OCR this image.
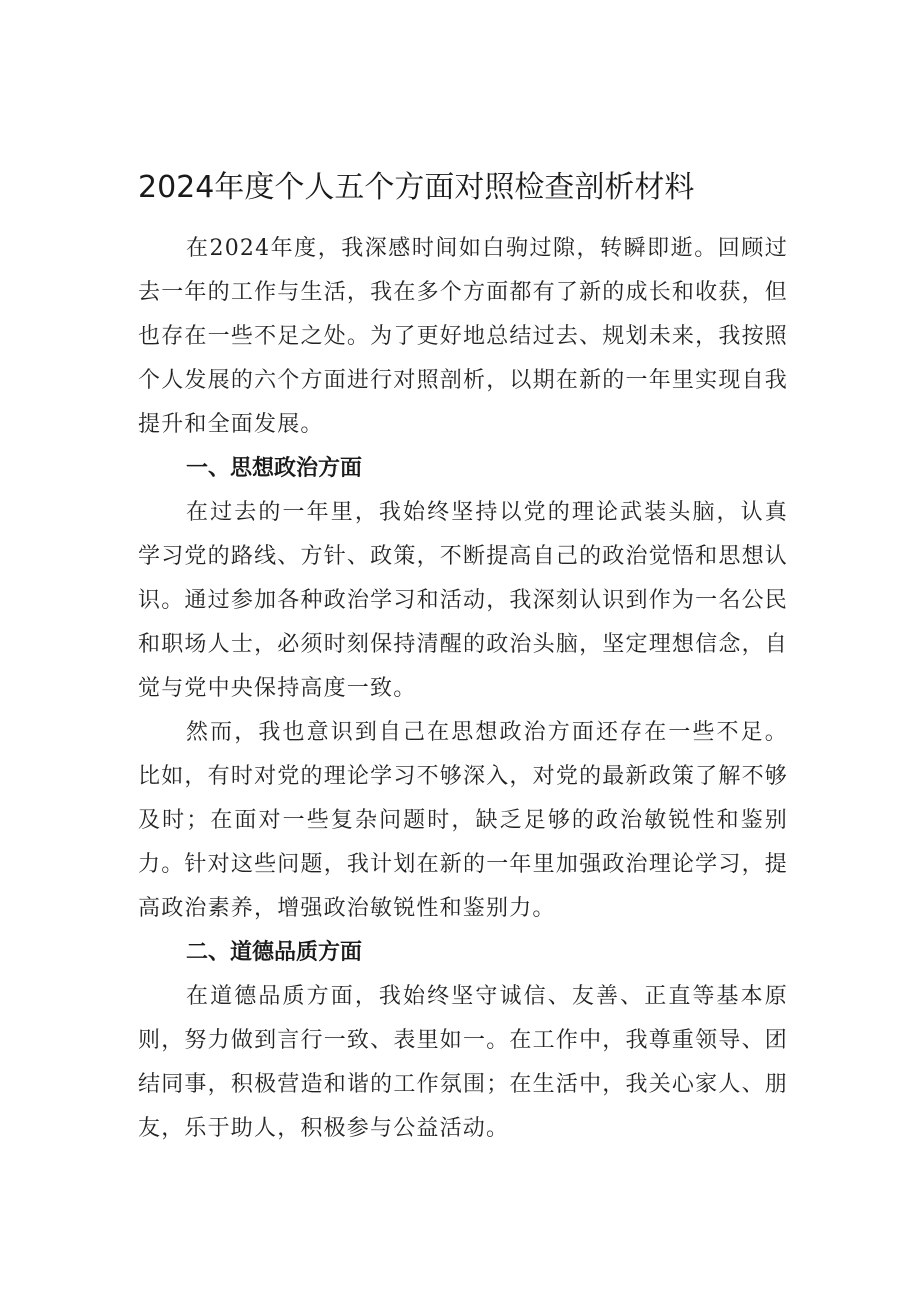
2024年度个人五个方面对照检查剖析材料

在2024年度，我深感时间如白驹过隙，转瞬即逝。回顾过去一年的工作与生活，我在多个方面都有了新的成长和收获，但也存在一些不足之处。为了更好地总结过去、规划未来，我按照个人发展的六个方面进行对照剖析，以期在新的一年里实现自我提升和全面发展。

一、思想政治方面

在过去的一年里，我始终坚持以党的理论武装头脑，认真学习党的路线、方针、政策，不断提高自己的政治觉悟和思想认识。通过参加各种政治学习和活动，我深刻认识到作为一名公民和职场人士，必须时刻保持清醒的政治头脑，坚定理想信念，自觉与党中央保持高度一致。

然而，我也意识到自己在思想政治方面还存在一些不足。比如，有时对党的理论学习不够深入，对党的最新政策了解不够及时；在面对一些复杂问题时，缺乏足够的政治敏锐性和鉴别力。针对这些问题，我计划在新的一年里加强政治理论学习，提高政治素养，增强政治敏锐性和鉴别力。

二、道德品质方面

在道德品质方面，我始终坚守诚信、友善、正直等基本原则，努力做到言行一致、表里如一。在工作中，我尊重领导、团结同事，积极营造和谐的工作氛围；在生活中，我关心家人、朋友，乐于助人，积极参与公益活动。
